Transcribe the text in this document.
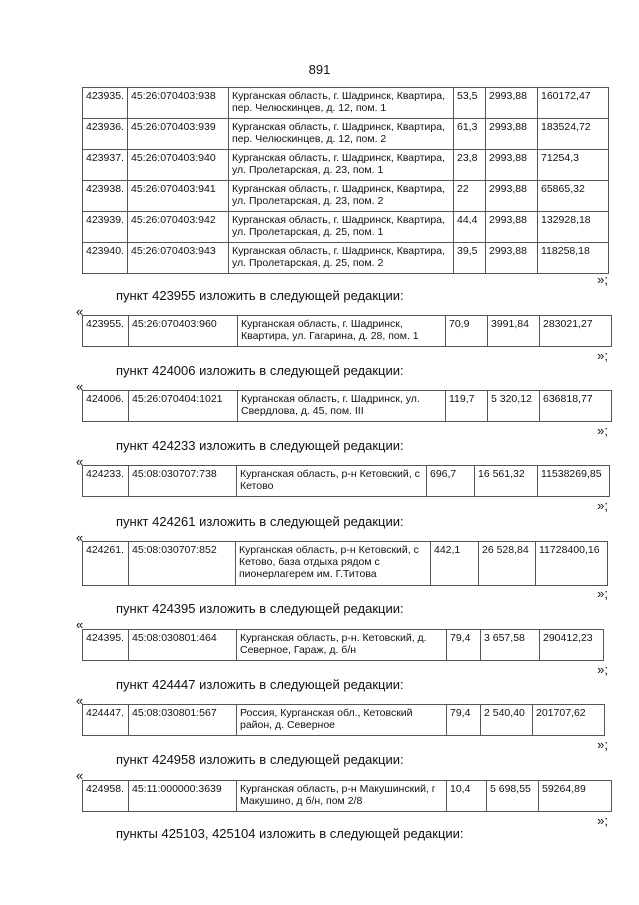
891
423935.	45:26:070403:938	Курганская область, г. Шадринск, Квартира, пер. Челюскинцев, д. 12, пом. 1	53,5	2993,88	160172,47
423936.	45:26:070403:939	Курганская область, г. Шадринск, Квартира, пер. Челюскинцев, д. 12, пом. 2	61,3	2993,88	183524,72
423937.	45:26:070403:940	Курганская область, г. Шадринск, Квартира, ул. Пролетарская, д. 23, пом. 1	23,8	2993,88	71254,3
423938.	45:26:070403:941	Курганская область, г. Шадринск, Квартира, ул. Пролетарская, д. 23, пом. 2	22	2993,88	65865,32
423939.	45:26:070403:942	Курганская область, г. Шадринск, Квартира, ул. Пролетарская, д. 25, пом. 1	44,4	2993,88	132928,18
423940.	45:26:070403:943	Курганская область, г. Шадринск, Квартира, ул. Пролетарская, д. 25, пом. 2	39,5	2993,88	118258,18
»;
пункт 423955 изложить в следующей редакции:
«
423955.	45:26:070403:960	Курганская область, г. Шадринск, Квартира, ул. Гагарина, д. 28, пом. 1	70,9	3991,84	283021,27
»;
пункт 424006 изложить в следующей редакции:
«
424006.	45:26:070404:1021	Курганская область, г. Шадринск, ул. Свердлова, д. 45, пом. III	119,7	5 320,12	636818,77
»;
пункт 424233 изложить в следующей редакции:
«
424233.	45:08:030707:738	Курганская область, р-н Кетовский, с Кетово	696,7	16 561,32	11538269,85
»;
пункт 424261 изложить в следующей редакции:
«
424261.	45:08:030707:852	Курганская область, р-н Кетовский, с Кетово, база отдыха рядом с пионерлагерем им. Г.Титова	442,1	26 528,84	11728400,16
»;
пункт 424395 изложить в следующей редакции:
«
424395.	45:08:030801:464	Курганская область, р-н. Кетовский, д. Северное, Гараж, д. б/н	79,4	3 657,58	290412,23
»;
пункт 424447 изложить в следующей редакции:
«
424447.	45:08:030801:567	Россия, Курганская обл., Кетовский район, д. Северное	79,4	2 540,40	201707,62
»;
пункт 424958 изложить в следующей редакции:
«
424958.	45:11:000000:3639	Курганская область, р-н Макушинский, г Макушино, д б/н, пом 2/8	10,4	5 698,55	59264,89
»;
пункты 425103, 425104 изложить в следующей редакции:
